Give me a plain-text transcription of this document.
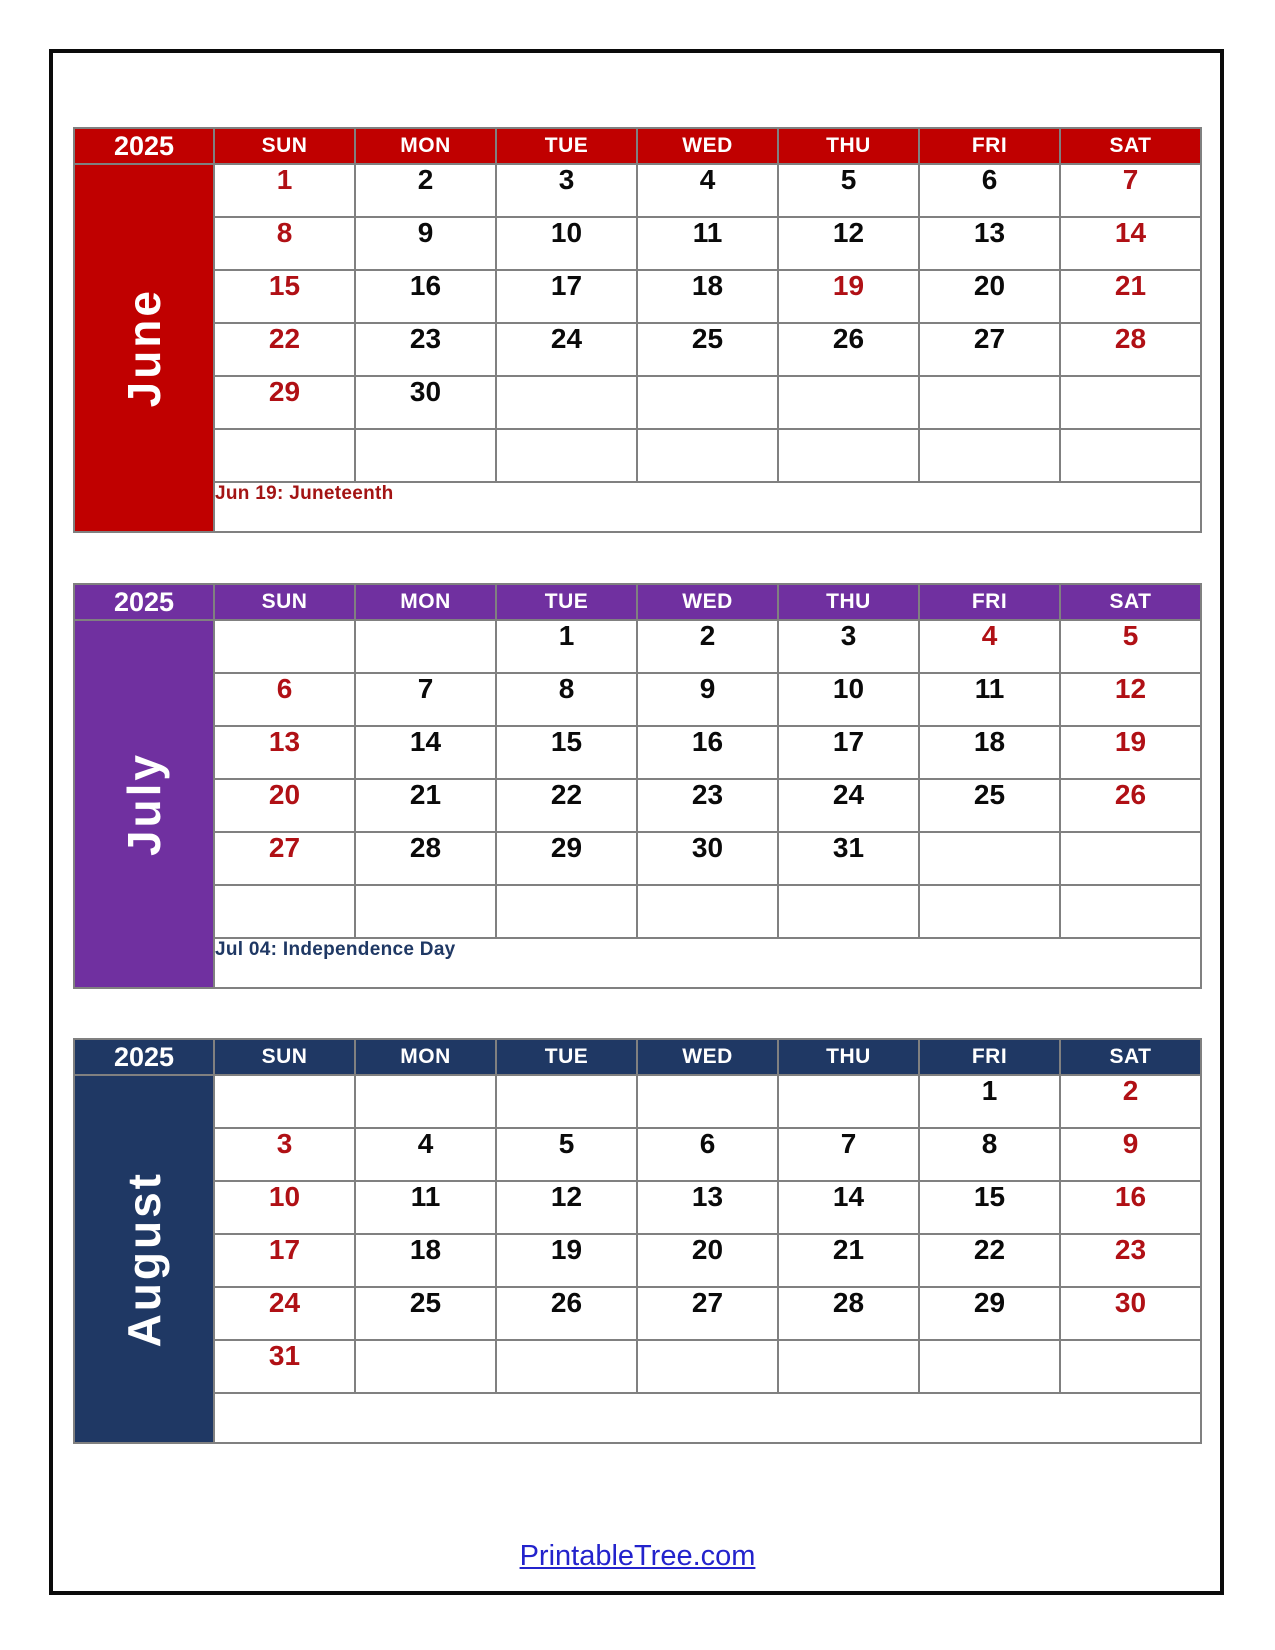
2025	SUN	MON	TUE	WED	THU	FRI	SAT

June	1	2	3	4	5	6	7
	8	9	10	11	12	13	14
	15	16	17	18	19	20	21
	22	23	24	25	26	27	28
	29	30					

	Jun 19: Juneteenth						
2025	SUN	MON	TUE	WED	THU	FRI	SAT

July			1	2	3	4	5
	6	7	8	9	10	11	12
	13	14	15	16	17	18	19
	20	21	22	23	24	25	26
	27	28	29	30	31		

	Jul 04: Independence Day						
2025	SUN	MON	TUE	WED	THU	FRI	SAT

August						1	2
	3	4	5	6	7	8	9
	10	11	12	13	14	15	16
	17	18	19	20	21	22	23
	24	25	26	27	28	29	30
	31						

PrintableTree.com
